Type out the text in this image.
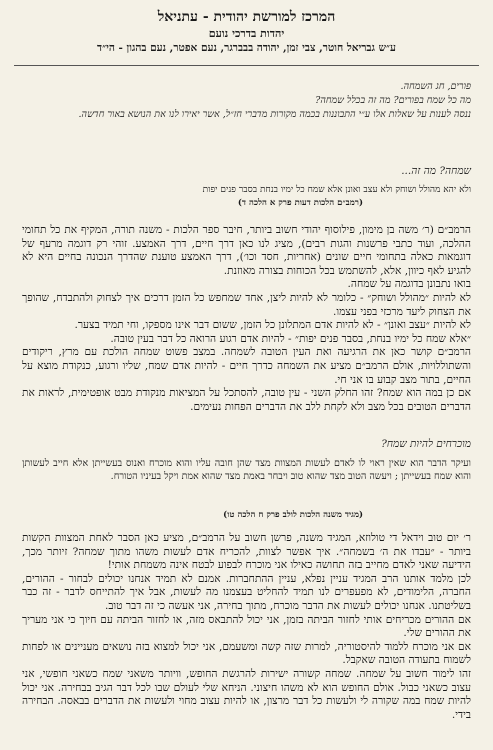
המרכז למורשת יהודית - עתניאל
יהדות בדרכי נועם
ע״ש גבריאל חוטר, צבי זמן, יהודה בבברגר, נעם אפטר, נעם בהגון - הי״ד
פורים, חג השמחה.
מה כל שמח בפורים? מה זה בכלל שמחה?
ננסה לענות על שאלות אלו ע״י התבוננות בכמה מקורות מדברי חז״ל, אשר יאירו לנו את הנושא באור חדשה.
שמחה? מה זה...
ולא יהא מהולל ושוחק ולא עצב ואונן אלא שמח כל ימיו בנחת בסבר פנים יפות
(רמב״ם הלכות דעות פרק א הלכה ד)

הרמב״ם (ר׳ משה בן מימון, פילוסוף יהודי חשוב ביותר, חיבר ספר הלכות - משנה תורה, המקיף את כל תחומי ההלכה, ועוד כתבי פרשנות והגות רבים), מציג לנו כאן דרך חיים, דרך האמצע. זוהי רק דוגמה מרעף של דוגמאות כאלה בתחומי חיים שונים (אחריות, חסד וכו׳), דרך האמצע טוענת שהדרך הנכונה בחיים היא לא להגיע לאף כיוון, אלא, להשתמש בכל הכוחות בצורה מאוזנת.

בואו נתבונן בדוגמה על שמחה.

לא להיות ״מהולל ושוחק״ - כלומר לא להיות ליצן, אחד שמחפש כל הזמן דרכים איך לצחוק ולהתבדח, שהופך את הצחוק ליעד מרכזי בפני עצמו.

לא להיות ״עצב ואונן״ - לא להיות אדם המתלונן כל הזמן, ששום דבר אינו מספקו, וחי תמיד בצער.

״אלא שמח כל ימיו בנחת, בסבר פנים יפות״ - להיות אדם רגוע הרואה כל דבר בעין טובה.

הרמב״ם קושר כאן את הרגיעה ואת העין הטובה לשמחה. במצב פשוט שמחה הולכת עם מרץ, ריקודים והשתוללויות, אולם הרמב״ם מציע את השמחה כדרך חיים - להיות אדם שמח, שליו ורגוע, כנקודת מוצא על החיים, בתור מצב קבוע בו אני חי.

אם כן במה הוא שמח? זהו החלק השני - עין טובה, להסתכל על המציאות מנקודת מבט אופטימית, לראות את הדברים הטובים בכל מצב ולא לקחת ללב את הדברים הפחות נעימים.

מוכרחים להיות שמח?
ועיקר הדבר הוא שאין ראוי לו לאדם לעשות המצוות מצד שהן חובה עליו והוא מוכרח ואנוס בעשייתן אלא חייב לעשותן והוא שמח בעשייתן ; ויעשה הטוב מצד שהוא טוב ויבחר באמת מצד שהוא אמת ויקל בעיניו הטורח.
(מגיד משנה הלכות לולב פרק ח הלכה טו)

ר׳ יום טוב וידאל די טולוזא, המגיד משנה, פרשן חשוב על הרמב״ם, מציע כאן הסבר לאחת המצוות הקשות ביותר - ״עבדו את ה׳ בשמחה״. איך אפשר לצוות, להכריח אדם לעשות משהו מתוך שמחה? זיותר מכך, הידיעה שאני לאדם מחייב בזה תחושה כאילו אני מוכרח לבפוע לבטח אינה משמחת אותי!

לכן מלמד אותנו הרב המגיד עניין נפלא, עניין ההתחברות. אמנם לא תמיד אנחנו יכולים לבחור - ההורים, החברה, הלימודים, לא מפעפרים לנו תמיד להחליט בעצמנו מה לעשות, אבל איך להתייחס לדבר - זה כבר בשליטתנו. אנחנו יכולים לעשות את הדבר מוכרח, מתוך בחירה, אני אעשה כי זה דבר טוב.

אם ההורים מכריחים אותי לחזור הביתה בזמן, אני יכול להתבאס מזה, או לחזור הביתה עם חיוך כי אני מעריך את ההורים שלי.

אם אני מוכרח ללמוד להיסטוריה, למרות שזה קשה ומשעמם, אני יכול למצוא בזה נושאים מעניינים או לפחות לשמוח בתעודה הטובה שאקבל.

זהו לימוד חשוב על שמחה. שמחה קשורה ישירות להרגשת החופש, וויותר משאני שמח כשאני חופשי, אני עצוב כשאני כבול. אולם החופש הוא לא משהו חיצוני. הניחא שלי לעולם שבו לכל דבר הגיב בבחירה. אני יכול להיות שמח במה שקורה לי ולעשות כל דבר מרצון, או להיות עצוב מחוי ולעשות את הדברים בבאסה. הבחירה בידי.
